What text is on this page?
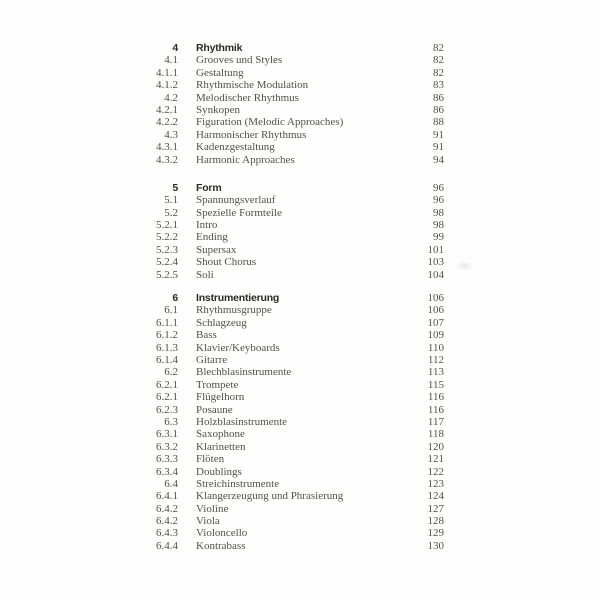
4 Rhythmik	82
4.1 Grooves und Styles	82
4.1.1 Gestaltung	82
4.1.2 Rhythmische Modulation	83
4.2 Melodischer Rhythmus	86
4.2.1 Synkopen	86
4.2.2 Figuration (Melodic Approaches)	88
4.3 Harmonischer Rhythmus	91
4.3.1 Kadenzgestaltung	91
4.3.2 Harmonic Approaches	94
5 Form	96
5.1 Spannungsverlauf	96
5.2 Spezielle Formteile	98
5.2.1 Intro	98
5.2.2 Ending	99
5.2.3 Supersax	101
5.2.4 Shout Chorus	103
5.2.5 Soli	104
6 Instrumentierung	106
6.1 Rhythmusgruppe	106
6.1.1 Schlagzeug	107
6.1.2 Bass	109
6.1.3 Klavier/Keyboards	110
6.1.4 Gitarre	112
6.2 Blechblasinstrumente	113
6.2.1 Trompete	115
6.2.1 Flügelhorn	116
6.2.3 Posaune	116
6.3 Holzblasinstrumente	117
6.3.1 Saxophone	118
6.3.2 Klarinetten	120
6.3.3 Flöten	121
6.3.4 Doublings	122
6.4 Streichinstrumente	123
6.4.1 Klangerzeugung und Phrasierung	124
6.4.2 Violine	127
6.4.2 Viola	128
6.4.3 Violoncello	129
6.4.4 Kontrabass	130
